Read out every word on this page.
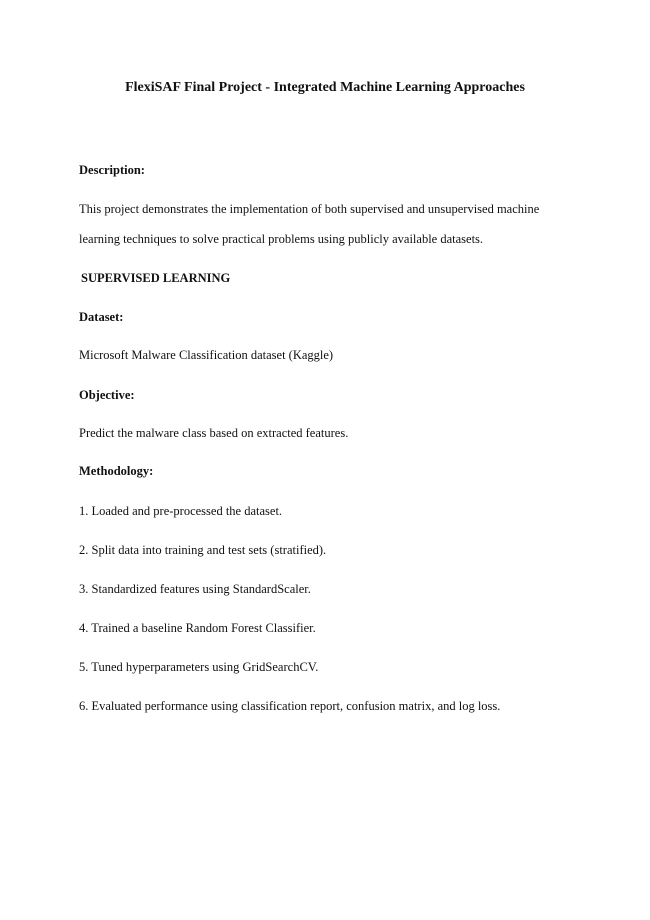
FlexiSAF Final Project - Integrated Machine Learning Approaches
Description:
This project demonstrates the implementation of both supervised and unsupervised machine learning techniques to solve practical problems using publicly available datasets.
SUPERVISED LEARNING
Dataset:
Microsoft Malware Classification dataset (Kaggle)
Objective:
Predict the malware class based on extracted features.
Methodology:
1. Loaded and pre-processed the dataset.
2. Split data into training and test sets (stratified).
3. Standardized features using StandardScaler.
4. Trained a baseline Random Forest Classifier.
5. Tuned hyperparameters using GridSearchCV.
6. Evaluated performance using classification report, confusion matrix, and log loss.
